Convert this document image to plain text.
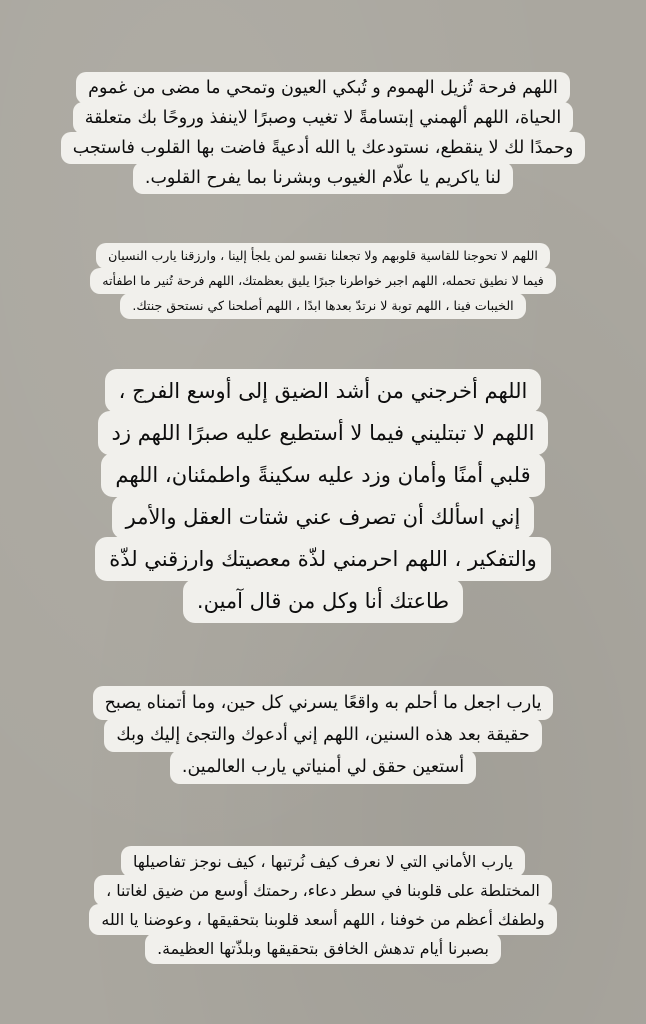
اللهم فرحة تُزيل الهموم و تُبكي العيون وتمحي ما مضى من غموم
الحياة، اللهم ألهمني إبتسامةً لا تغيب وصبرًا لاينفذ وروحًا بك متعلقة
وحمدًا لك لا ينقطع، نستودعك يا الله أدعيةً فاضت بها القلوب فاستجب
لنا ياكريم يا علّام الغيوب وبشرنا بما يفرح القلوب.
اللهم لا تحوجنا للقاسية قلوبهم ولا تجعلنا نقسو لمن يلجأ إلينا ، وارزقنا يارب النسيان
فيما لا نطيق تحمله، اللهم اجبر خواطرنا جبرًا يليق بعظمتك، اللهم فرحة تُنير ما اطفأته
الخيبات فينا ، اللهم توبة لا نرتدّ بعدها ابدًا ، اللهم أصلحنا كي نستحق جنتك.
اللهم أخرجني من أشد الضيق إلى أوسع الفرج ،
اللهم لا تبتليني فيما لا أستطيع عليه صبرًا اللهم زد
قلبي أمنًا وأمان وزد عليه سكينةً واطمئنان، اللهم
إني اسألك أن تصرف عني شتات العقل والأمر
والتفكير ، اللهم احرمني لذّة معصيتك وارزقني لذّة
طاعتك أنا وكل من قال آمين.
يارب اجعل ما أحلم به واقعًا يسرني كل حين، وما أتمناه يصبح
حقيقة بعد هذه السنين، اللهم إني أدعوك والتجئ إليك وبك
أستعين حقق لي أمنياتي يارب العالمين.
يارب الأماني التي لا نعرف كيف نُرتبها ، كيف نوجز تفاصيلها
المختلطة على قلوبنا في سطر دعاء، رحمتك أوسع من ضيق لغاتنا ،
ولطفك أعظم من خوفنا ، اللهم أسعد قلوبنا بتحقيقها ، وعوضنا يا الله
بصبرنا أيام تدهش الخافق بتحقيقها وبلذّتها العظيمة.
